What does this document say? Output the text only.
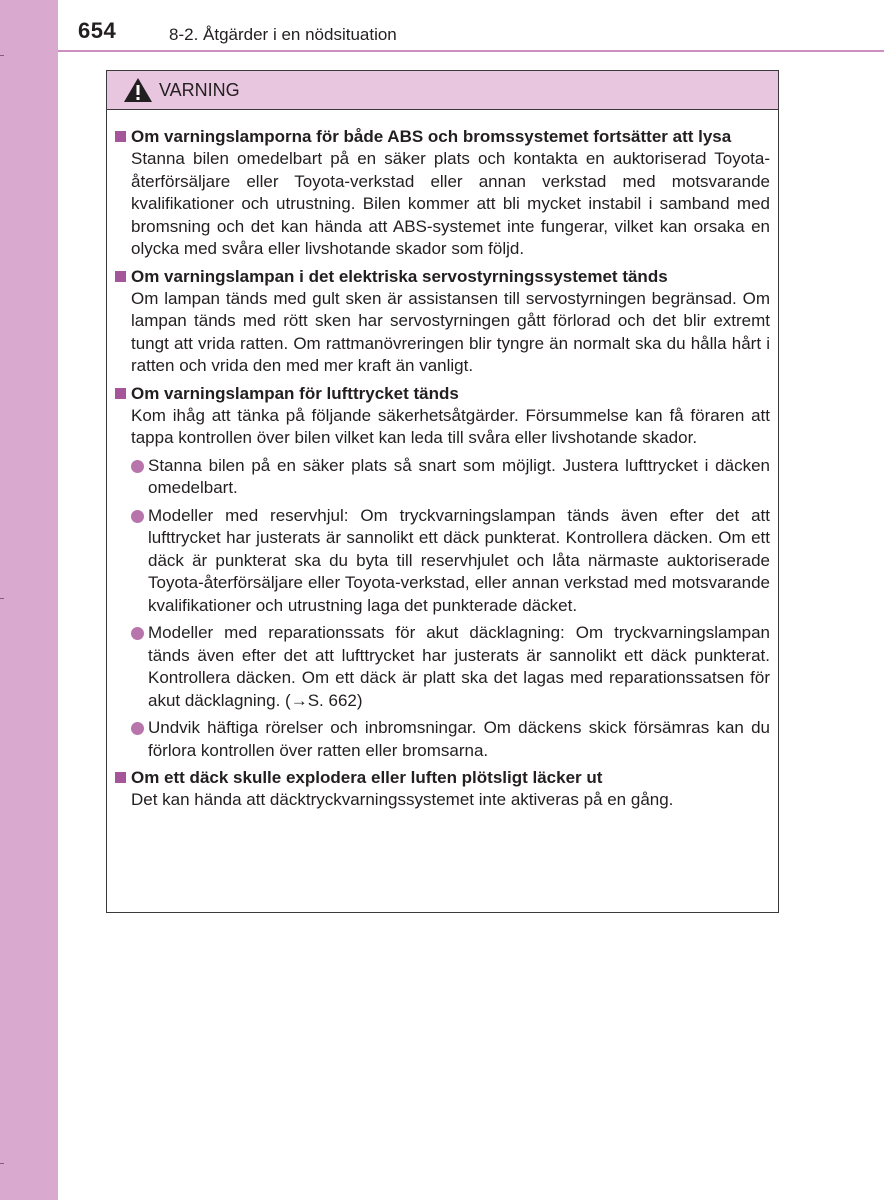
654	8-2. Åtgärder i en nödsituation
VARNING
Om varningslamporna för både ABS och bromssystemet fortsätter att lysa
Stanna bilen omedelbart på en säker plats och kontakta en auktoriserad Toyota-återförsäljare eller Toyota-verkstad eller annan verkstad med motsvarande kvalifikationer och utrustning. Bilen kommer att bli mycket instabil i samband med bromsning och det kan hända att ABS-systemet inte fungerar, vilket kan orsaka en olycka med svåra eller livshotande skador som följd.
Om varningslampan i det elektriska servostyrningssystemet tänds
Om lampan tänds med gult sken är assistansen till servostyrningen begränsad. Om lampan tänds med rött sken har servostyrningen gått förlorad och det blir extremt tungt att vrida ratten. Om rattmanövreringen blir tyngre än normalt ska du hålla hårt i ratten och vrida den med mer kraft än vanligt.
Om varningslampan för lufttrycket tänds
Kom ihåg att tänka på följande säkerhetsåtgärder. Försummelse kan få föraren att tappa kontrollen över bilen vilket kan leda till svåra eller livshotande skador.
Stanna bilen på en säker plats så snart som möjligt. Justera lufttrycket i däcken omedelbart.
Modeller med reservhjul: Om tryckvarningslampan tänds även efter det att lufttrycket har justerats är sannolikt ett däck punkterat. Kontrollera däcken. Om ett däck är punkterat ska du byta till reservhjulet och låta närmaste auktoriserade Toyota-återförsäljare eller Toyota-verkstad, eller annan verkstad med motsvarande kvalifikationer och utrustning laga det punkterade däcket.
Modeller med reparationssats för akut däcklagning: Om tryckvarningslampan tänds även efter det att lufttrycket har justerats är sannolikt ett däck punkterat. Kontrollera däcken. Om ett däck är platt ska det lagas med reparationssatsen för akut däcklagning. (→S. 662)
Undvik häftiga rörelser och inbromsningar. Om däckens skick försämras kan du förlora kontrollen över ratten eller bromsarna.
Om ett däck skulle explodera eller luften plötsligt läcker ut
Det kan hända att däcktryckvarningssystemet inte aktiveras på en gång.
